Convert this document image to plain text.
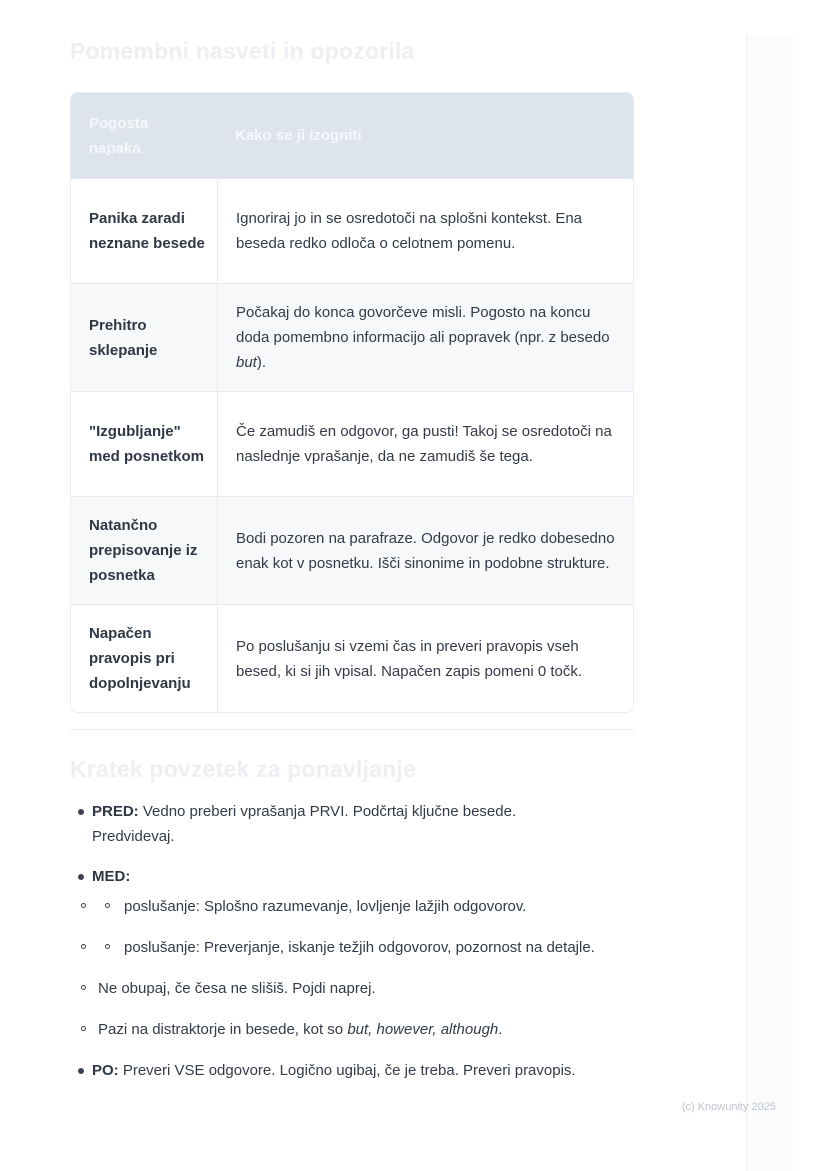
Pomembni nasveti in opozorila
Pogosta napaka
Kako se ji izogniti
Panika zaradi neznane besede
Ignoriraj jo in se osredotoči na splošni kontekst. Ena beseda redko odloča o celotnem pomenu.
Prehitro sklepanje
Počakaj do konca govorčeve misli. Pogosto na koncu doda pomembno informacijo ali popravek (npr. z besedo but).
"Izgubljanje" med posnetkom
Če zamudiš en odgovor, ga pusti! Takoj se osredotoči na naslednje vprašanje, da ne zamudiš še tega.
Natančno prepisovanje iz posnetka
Bodi pozoren na parafraze. Odgovor je redko dobesedno enak kot v posnetku. Išči sinonime in podobne strukture.
Napačen pravopis pri dopolnjevanju
Po poslušanju si vzemi čas in preveri pravopis vseh besed, ki si jih vpisal. Napačen zapis pomeni 0 točk.
Kratek povzetek za ponavljanje
PRED: Vedno preberi vprašanja PRVI. Podčrtaj ključne besede. Predvidevaj.
MED:
poslušanje: Splošno razumevanje, lovljenje lažjih odgovorov.
poslušanje: Preverjanje, iskanje težjih odgovorov, pozornost na detajle.
Ne obupaj, če česa ne slišiš. Pojdi naprej.
Pazi na distraktorje in besede, kot so but, however, although.
PO: Preveri VSE odgovore. Logično ugibaj, če je treba. Preveri pravopis.
(c) Knowunity 2025
